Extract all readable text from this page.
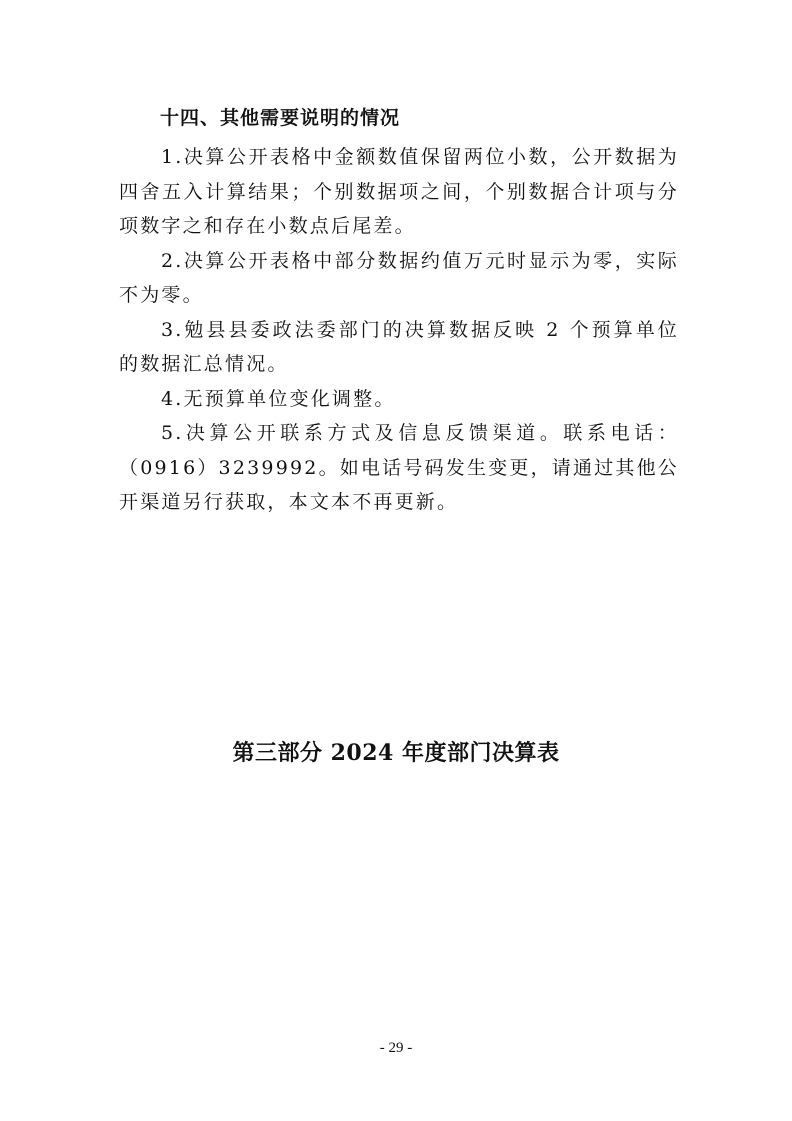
十四、其他需要说明的情况

1.决算公开表格中金额数值保留两位小数，公开数据为四舍五入计算结果；个别数据项之间，个别数据合计项与分项数字之和存在小数点后尾差。

2.决算公开表格中部分数据约值万元时显示为零，实际不为零。

3.勉县县委政法委部门的决算数据反映 2 个预算单位的数据汇总情况。

4.无预算单位变化调整。

5.决算公开联系方式及信息反馈渠道。联系电话：（0916）3239992。如电话号码发生变更，请通过其他公开渠道另行获取，本文本不再更新。

第三部分 2024 年度部门决算表
- 29 -
